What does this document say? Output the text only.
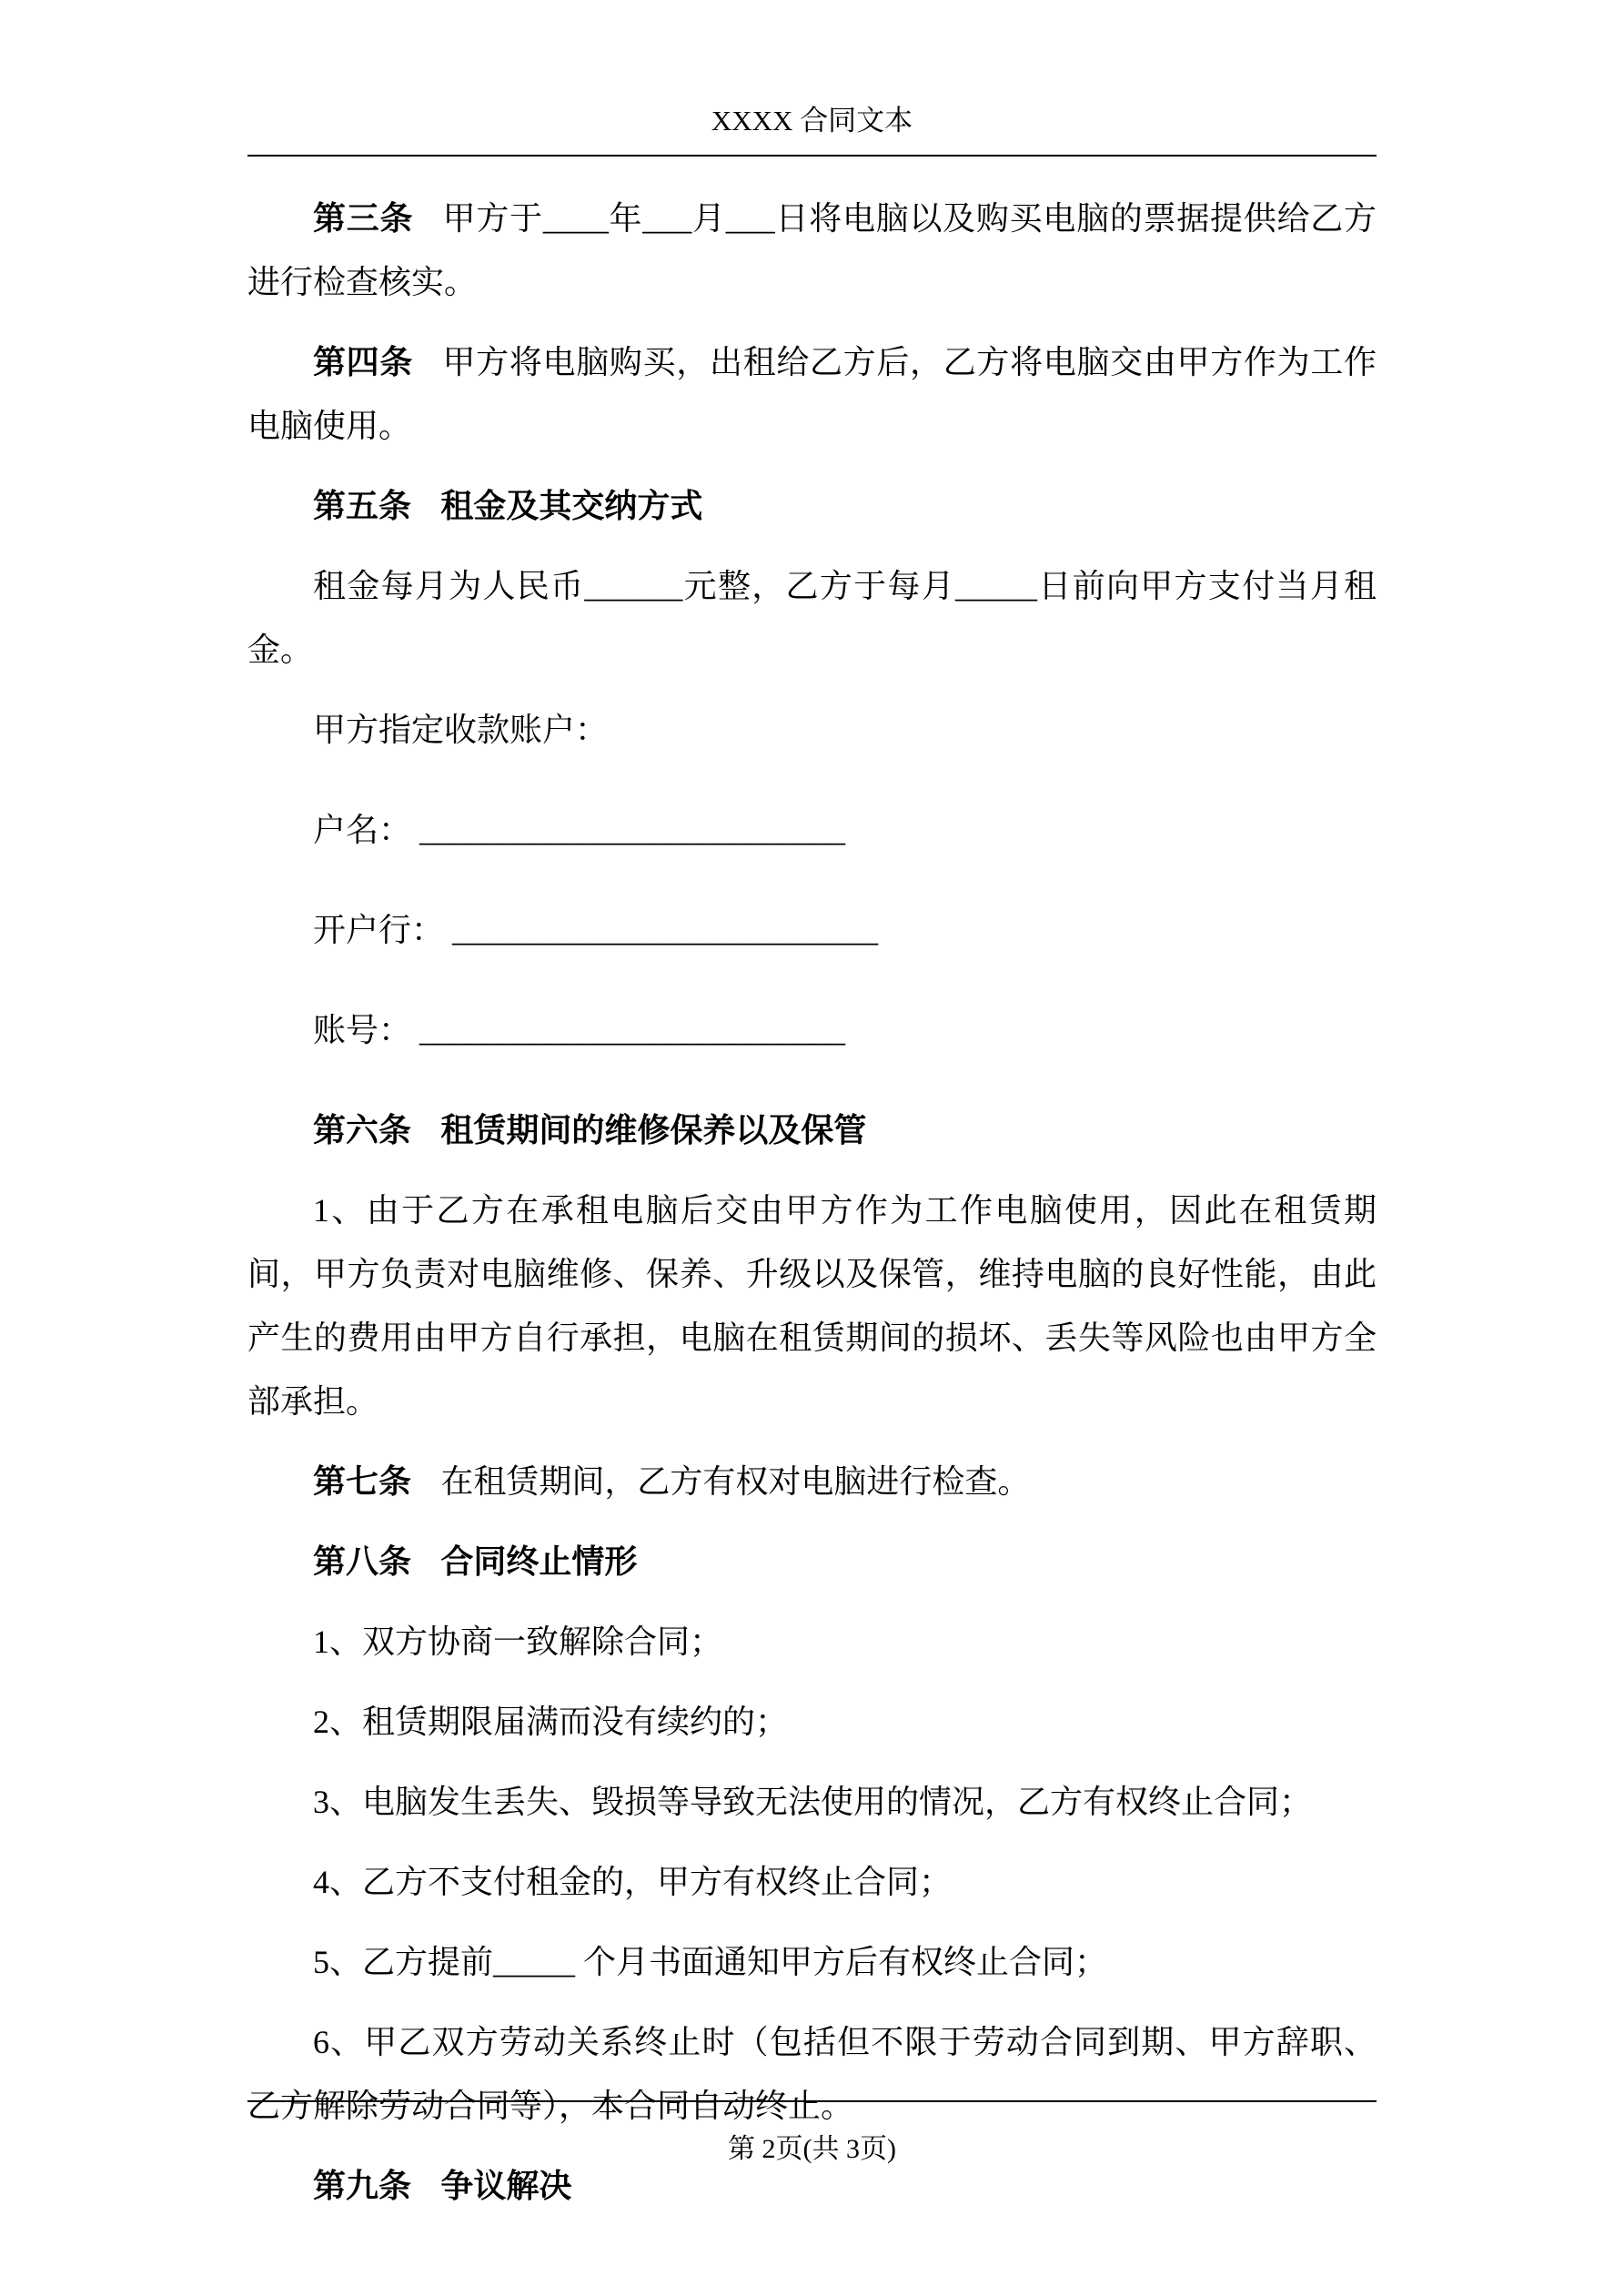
XXXX 合同文本

第三条 甲方于____年___月___日将电脑以及购买电脑的票据提供给乙方进行检查核实。

第四条 甲方将电脑购买，出租给乙方后，乙方将电脑交由甲方作为工作电脑使用。

第五条 租金及其交纳方式

租金每月为人民币______元整，乙方于每月_____日前向甲方支付当月租金。

甲方指定收款账户：

户名： __________________________

开户行： __________________________

账号： __________________________

第六条 租赁期间的维修保养以及保管

1、由于乙方在承租电脑后交由甲方作为工作电脑使用，因此在租赁期间，甲方负责对电脑维修、保养、升级以及保管，维持电脑的良好性能，由此产生的费用由甲方自行承担，电脑在租赁期间的损坏、丢失等风险也由甲方全部承担。

第七条 在租赁期间，乙方有权对电脑进行检查。

第八条 合同终止情形

1、双方协商一致解除合同；

2、租赁期限届满而没有续约的；

3、电脑发生丢失、毁损等导致无法使用的情况，乙方有权终止合同；

4、乙方不支付租金的，甲方有权终止合同；

5、乙方提前_____ 个月书面通知甲方后有权终止合同；

6、甲乙双方劳动关系终止时（包括但不限于劳动合同到期、甲方辞职、乙方解除劳动合同等），本合同自动终止。

第九条 争议解决

第 2页(共 3页)
